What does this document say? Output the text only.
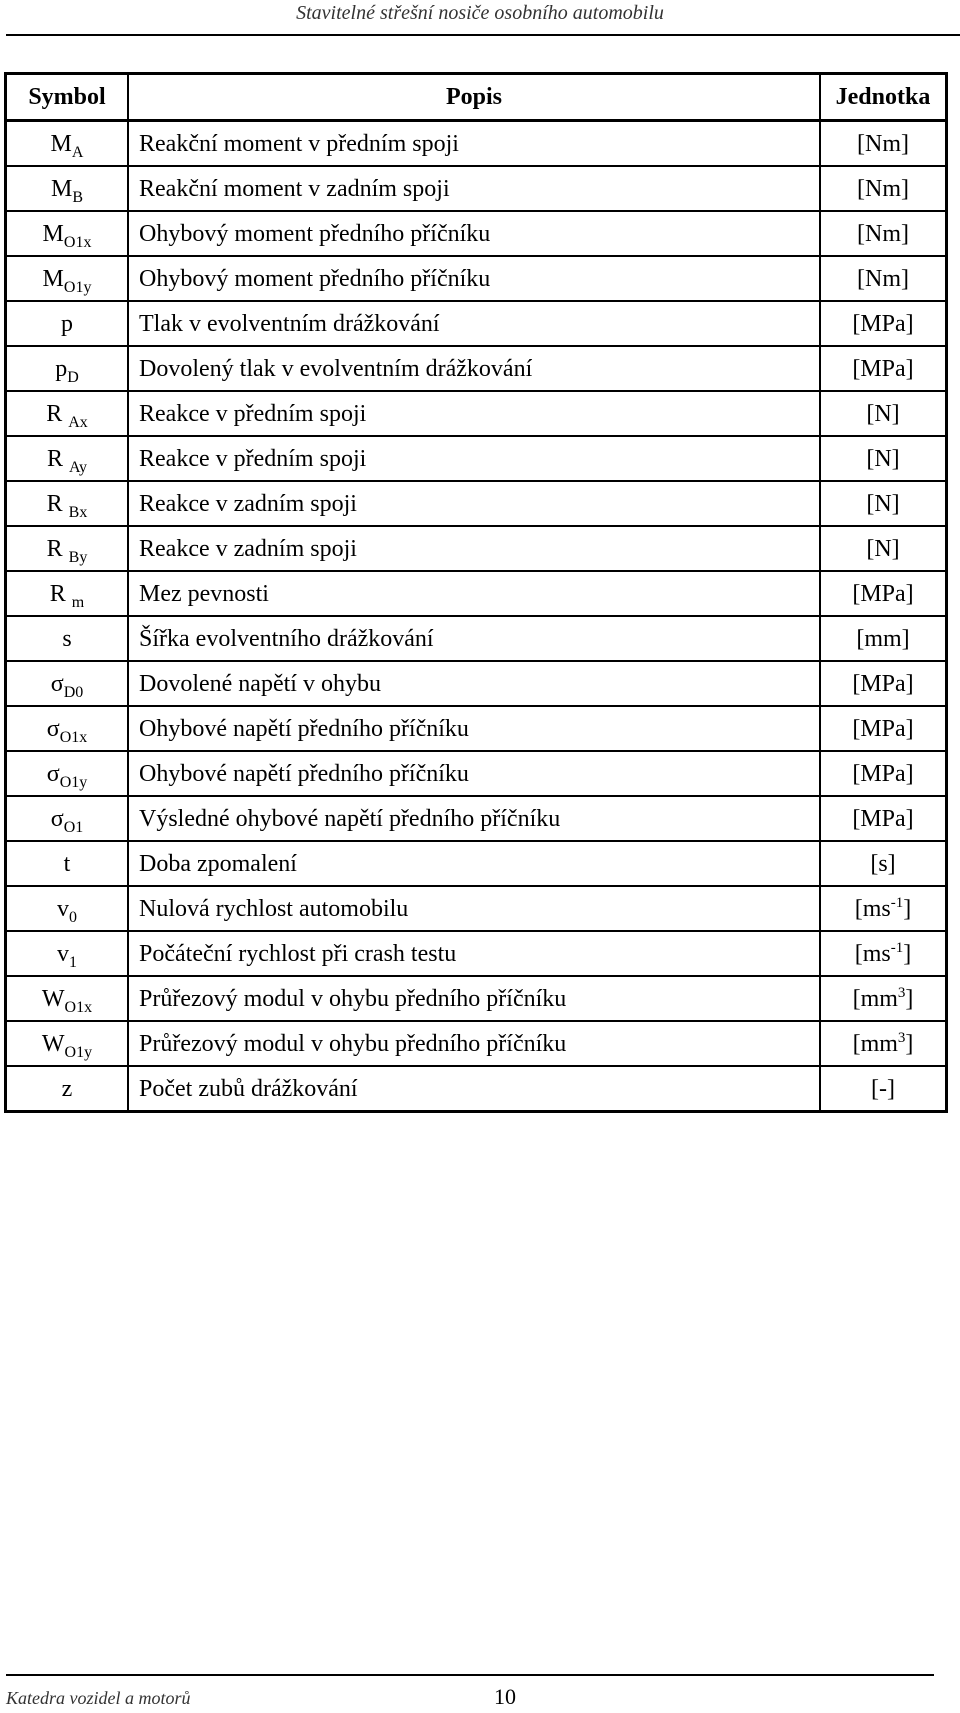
Stavitelné střešní nosiče osobního automobilu
Symbol	Popis	Jednotka
$M_A$	Reakční moment v předním spoji	[Nm]
$M_B$	Reakční moment v zadním spoji	[Nm]
$M_{O1x}$	Ohybový moment předního příčníku	[Nm]
$M_{O1y}$	Ohybový moment předního příčníku	[Nm]
p	Tlak v evolventním drážkování	[MPa]
$p_D$	Dovolený tlak v evolventním drážkování	[MPa]
R $_{Ax}$	Reakce v předním spoji	[N]
R $_{Ay}$	Reakce v předním spoji	[N]
R $_{Bx}$	Reakce v zadním spoji	[N]
R $_{By}$	Reakce v zadním spoji	[N]
R $_m$	Mez pevnosti	[MPa]
s	Šířka evolventního drážkování	[mm]
$\sigma_{D0}$	Dovolené napětí v ohybu	[MPa]
$\sigma_{O1x}$	Ohybové napětí předního příčníku	[MPa]
$\sigma_{O1y}$	Ohybové napětí předního příčníku	[MPa]
$\sigma_{O1}$	Výsledné ohybové napětí předního příčníku	[MPa]
t	Doba zpomalení	[s]
$v_0$	Nulová rychlost automobilu	$[ms^{-1}]$
$v_1$	Počáteční rychlost při crash testu	$[ms^{-1}]$
$W_{O1x}$	Průřezový modul v ohybu předního příčníku	$[mm^3]$
$W_{O1y}$	Průřezový modul v ohybu předního příčníku	$[mm^3]$
z	Počet zubů drážkování	[-]
Katedra vozidel a motorů	10
